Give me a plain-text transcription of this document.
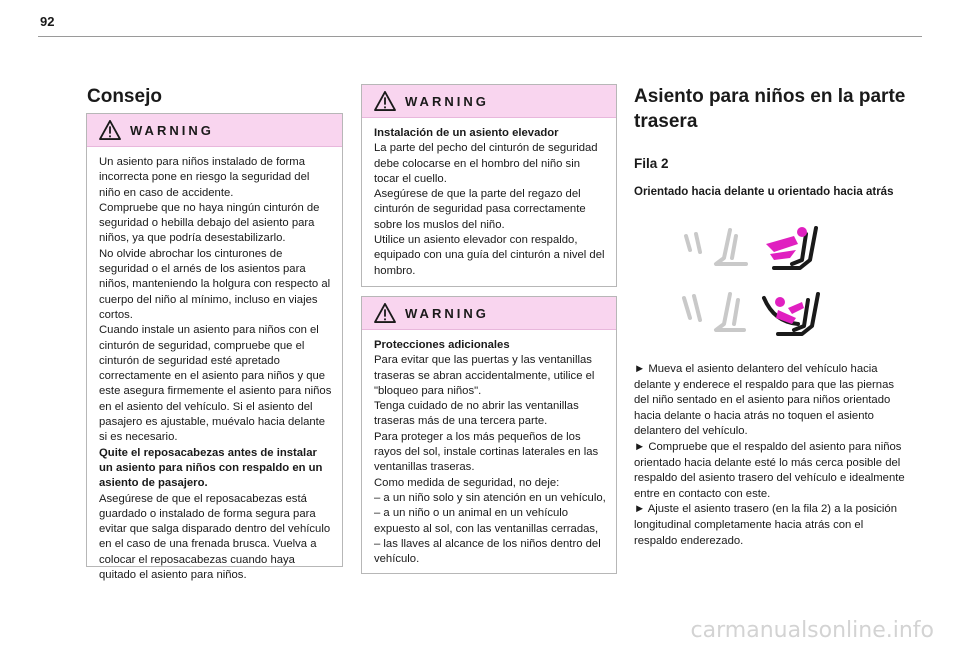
92
Consejo
WARNING

Un asiento para niños instalado de forma incorrecta pone en riesgo la seguridad del niño en caso de accidente.

Compruebe que no haya ningún cinturón de seguridad o hebilla debajo del asiento para niños, ya que podría desestabilizarlo.

No olvide abrochar los cinturones de seguridad o el arnés de los asientos para niños, manteniendo la holgura con respecto al cuerpo del niño al mínimo, incluso en viajes cortos.

Cuando instale un asiento para niños con el cinturón de seguridad, compruebe que el cinturón de seguridad esté apretado correctamente en el asiento para niños y que este asegura firmemente el asiento para niños en el asiento del vehículo. Si el asiento del pasajero es ajustable, muévalo hacia delante si es necesario.

Quite el reposacabezas antes de instalar un asiento para niños con respaldo en un asiento de pasajero.

Asegúrese de que el reposacabezas está guardado o instalado de forma segura para evitar que salga disparado dentro del vehículo en el caso de una frenada brusca. Vuelva a colocar el reposacabezas cuando haya quitado el asiento para niños.

WARNING

Instalación de un asiento elevador

La parte del pecho del cinturón de seguridad debe colocarse en el hombro del niño sin tocar el cuello.

Asegúrese de que la parte del regazo del cinturón de seguridad pasa correctamente sobre los muslos del niño.

Utilice un asiento elevador con respaldo, equipado con una guía del cinturón a nivel del hombro.

WARNING

Protecciones adicionales

Para evitar que las puertas y las ventanillas traseras se abran accidentalmente, utilice el "bloqueo para niños".

Tenga cuidado de no abrir las ventanillas traseras más de una tercera parte.

Para proteger a los más pequeños de los rayos del sol, instale cortinas laterales en las ventanillas traseras.

Como medida de seguridad, no deje:

– a un niño solo y sin atención en un vehículo,

– a un niño o un animal en un vehículo expuesto al sol, con las ventanillas cerradas,

– las llaves al alcance de los niños dentro del vehículo.

Asiento para niños en la parte trasera
Fila 2
Orientado hacia delante u orientado hacia atrás

► Mueva el asiento delantero del vehículo hacia delante y enderece el respaldo para que las piernas del niño sentado en el asiento para niños orientado hacia delante o hacia atrás no toquen el asiento delantero del vehículo.

► Compruebe que el respaldo del asiento para niños orientado hacia delante esté lo más cerca posible del respaldo del asiento trasero del vehículo e idealmente entre en contacto con este.

► Ajuste el asiento trasero (en la fila 2) a la posición longitudinal completamente hacia atrás con el respaldo enderezado.

carmanualsonline.info
